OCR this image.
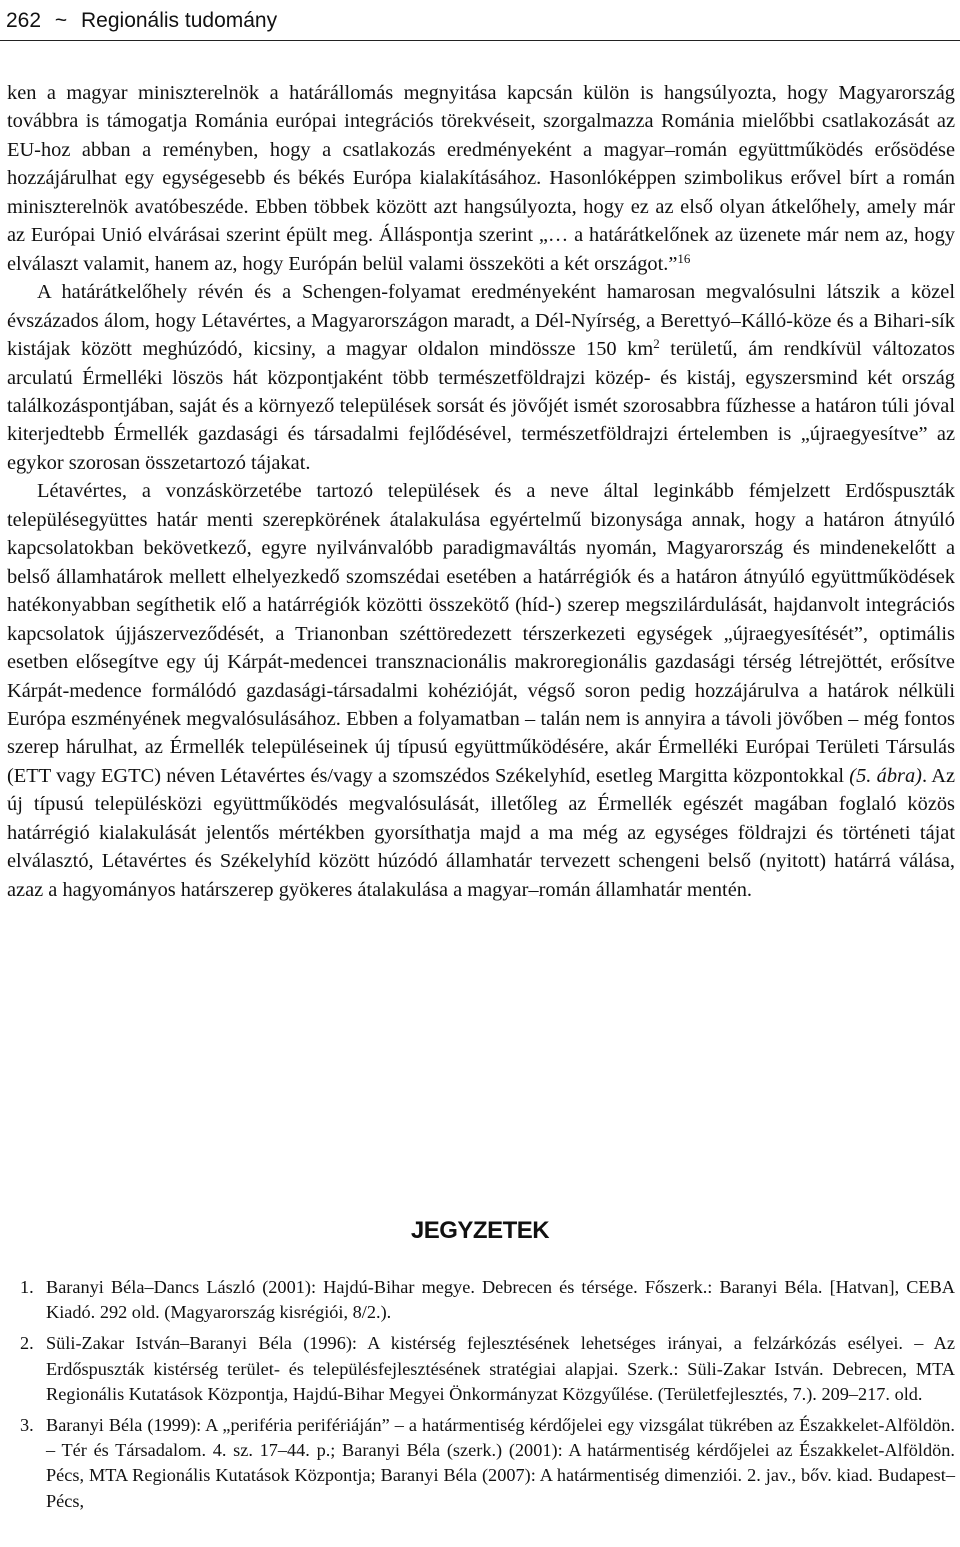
262 ~ Regionális tudomány

ken a magyar miniszterelnök a határállomás megnyitása kapcsán külön is hangsúlyozta, hogy Magyarország továbbra is támogatja Románia európai integrációs törekvéseit, szorgalmazza Románia mielőbbi csatlakozását az EU-hoz abban a reményben, hogy a csatlakozás eredményeként a magyar–román együttműködés erősödése hozzájárulhat egy egységesebb és békés Európa kialakításához. Hasonlóképpen szimbolikus erővel bírt a román miniszterelnök avatóbeszéde. Ebben többek között azt hangsúlyozta, hogy ez az első olyan átkelőhely, amely már az Európai Unió elvárásai szerint épült meg. Álláspontja szerint „… a határátkelőnek az üzenete már nem az, hogy elválaszt valamit, hanem az, hogy Európán belül valami összeköti a két országot.”$^{16}$

A határátkelőhely révén és a Schengen-folyamat eredményeként hamarosan megvalósulni látszik a közel évszázados álom, hogy Létavértes, a Magyarországon maradt, a Dél-Nyírség, a Berettyó–Kálló-köze és a Bihari-sík kistájak között meghúzódó, kicsiny, a magyar oldalon mindössze 150 $km^2$ területű, ám rendkívül változatos arculatú Érmelléki löszös hát központjaként több természetföldrajzi közép- és kistáj, egyszersmind két ország találkozáspontjában, saját és a környező települések sorsát és jövőjét ismét szorosabbra fűzhesse a határon túli jóval kiterjedtebb Érmellék gazdasági és társadalmi fejlődésével, természetföldrajzi értelemben is „újraegyesítve” az egykor szorosan összetartozó tájakat.

Létavértes, a vonzáskörzetébe tartozó települések és a neve által leginkább fémjelzett Erdőspuszták településegyüttes határ menti szerepkörének átalakulása egyértelmű bizonysága annak, hogy a határon átnyúló kapcsolatokban bekövetkező, egyre nyilvánvalóbb paradigmaváltás nyomán, Magyarország és mindenekelőtt a belső államhatárok mellett elhelyezkedő szomszédai esetében a határrégiók és a határon átnyúló együttműködések hatékonyabban segíthetik elő a határrégiók közötti összekötő (híd-) szerep megszilárdulását, hajdanvolt integrációs kapcsolatok újjászerveződését, a Trianonban széttöredezett térszerkezeti egységek „újraegyesítését”, optimális esetben elősegítve egy új Kárpát-medencei transznacionális makroregionális gazdasági térség létrejöttét, erősítve Kárpát-medence formálódó gazdasági-társadalmi kohézióját, végső soron pedig hozzájárulva a határok nélküli Európa eszményének megvalósulásához. Ebben a folyamatban – talán nem is annyira a távoli jövőben – még fontos szerep hárulhat, az Érmellék településeinek új típusú együttműködésére, akár Érmelléki Európai Területi Társulás (ETT vagy EGTC) néven Létavértes és/vagy a szomszédos Székelyhíd, esetleg Margitta központokkal (5. ábra). Az új típusú településközi együttműködés megvalósulását, illetőleg az Érmellék egészét magában foglaló közös határrégió kialakulását jelentős mértékben gyorsíthatja majd a ma még az egységes földrajzi és történeti tájat elválasztó, Létavértes és Székelyhíd között húzódó államhatár tervezett schengeni belső (nyitott) határrá válása, azaz a hagyományos határszerep gyökeres átalakulása a magyar–román államhatár mentén.

JEGYZETEK
1. Baranyi Béla–Dancs László (2001): Hajdú-Bihar megye. Debrecen és térsége. Főszerk.: Baranyi Béla. [Hatvan], CEBA Kiadó. 292 old. (Magyarország kisrégiói, 8/2.).
2. Süli-Zakar István–Baranyi Béla (1996): A kistérség fejlesztésének lehetséges irányai, a felzárkózás esélyei. – Az Erdőspuszták kistérség terület- és településfejlesztésének stratégiai alapjai. Szerk.: Süli-Zakar István. Debrecen, MTA Regionális Kutatások Központja, Hajdú-Bihar Megyei Önkormányzat Közgyűlése. (Területfejlesztés, 7.). 209–217. old.
3. Baranyi Béla (1999): A „periféria perifériáján” – a határmentiség kérdőjelei egy vizsgálat tükrében az Északkelet-Alföldön. – Tér és Társadalom. 4. sz. 17–44. p.; Baranyi Béla (szerk.) (2001): A határmentiség kérdőjelei az Északkelet-Alföldön. Pécs, MTA Regionális Kutatások Központja; Baranyi Béla (2007): A határmentiség dimenziói. 2. jav., bőv. kiad. Budapest–Pécs,
